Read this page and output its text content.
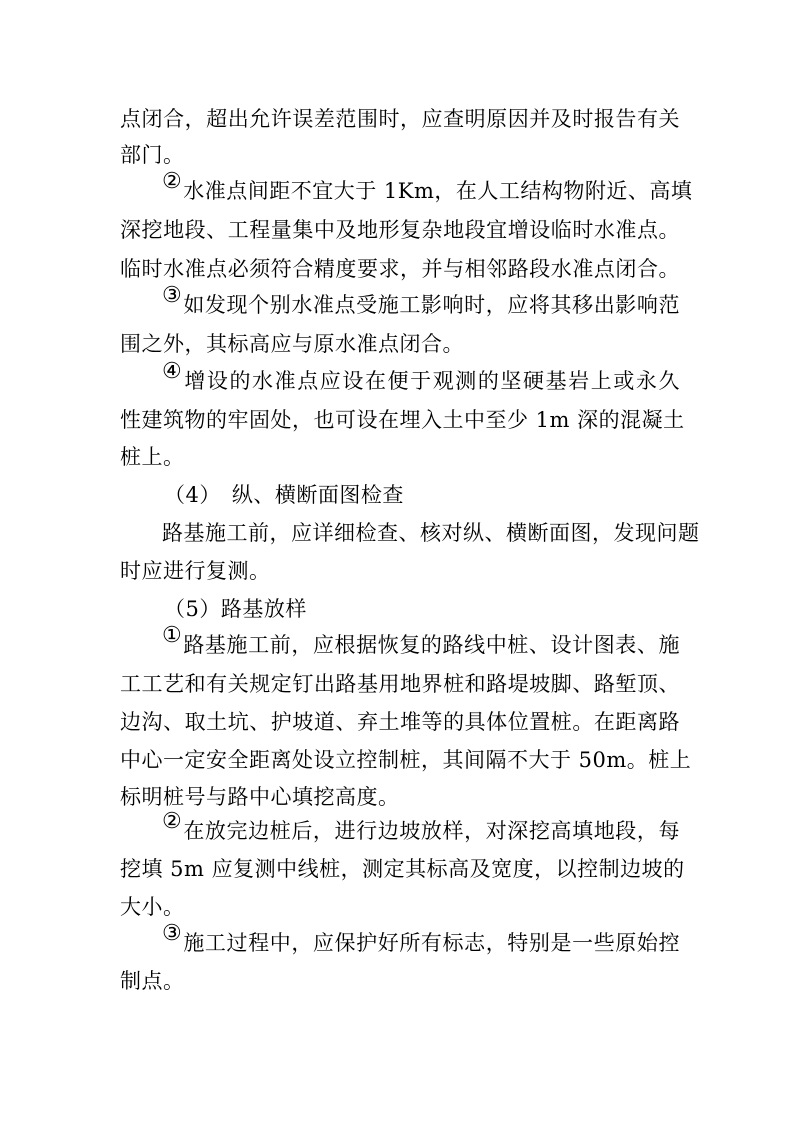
点闭合，超出允许误差范围时，应查明原因并及时报告有关
部门。
②水准点间距不宜大于 1Km，在人工结构物附近、高填
深挖地段、工程量集中及地形复杂地段宜增设临时水准点。
临时水准点必须符合精度要求，并与相邻路段水准点闭合。
③如发现个别水准点受施工影响时，应将其移出影响范
围之外，其标高应与原水准点闭合。
④增设的水准点应设在便于观测的坚硬基岩上或永久
性建筑物的牢固处，也可设在埋入土中至少 1m 深的混凝土
桩上。
（4）　纵、横断面图检查
路基施工前，应详细检查、核对纵、横断面图，发现问题
时应进行复测。
（5）路基放样
①路基施工前，应根据恢复的路线中桩、设计图表、施
工工艺和有关规定钉出路基用地界桩和路堤坡脚、路堑顶、
边沟、取土坑、护坡道、弃土堆等的具体位置桩。在距离路
中心一定安全距离处设立控制桩，其间隔不大于 50m。桩上
标明桩号与路中心填挖高度。
②在放完边桩后，进行边坡放样，对深挖高填地段，每
挖填 5m 应复测中线桩，测定其标高及宽度，以控制边坡的
大小。
③施工过程中，应保护好所有标志，特别是一些原始控
制点。
